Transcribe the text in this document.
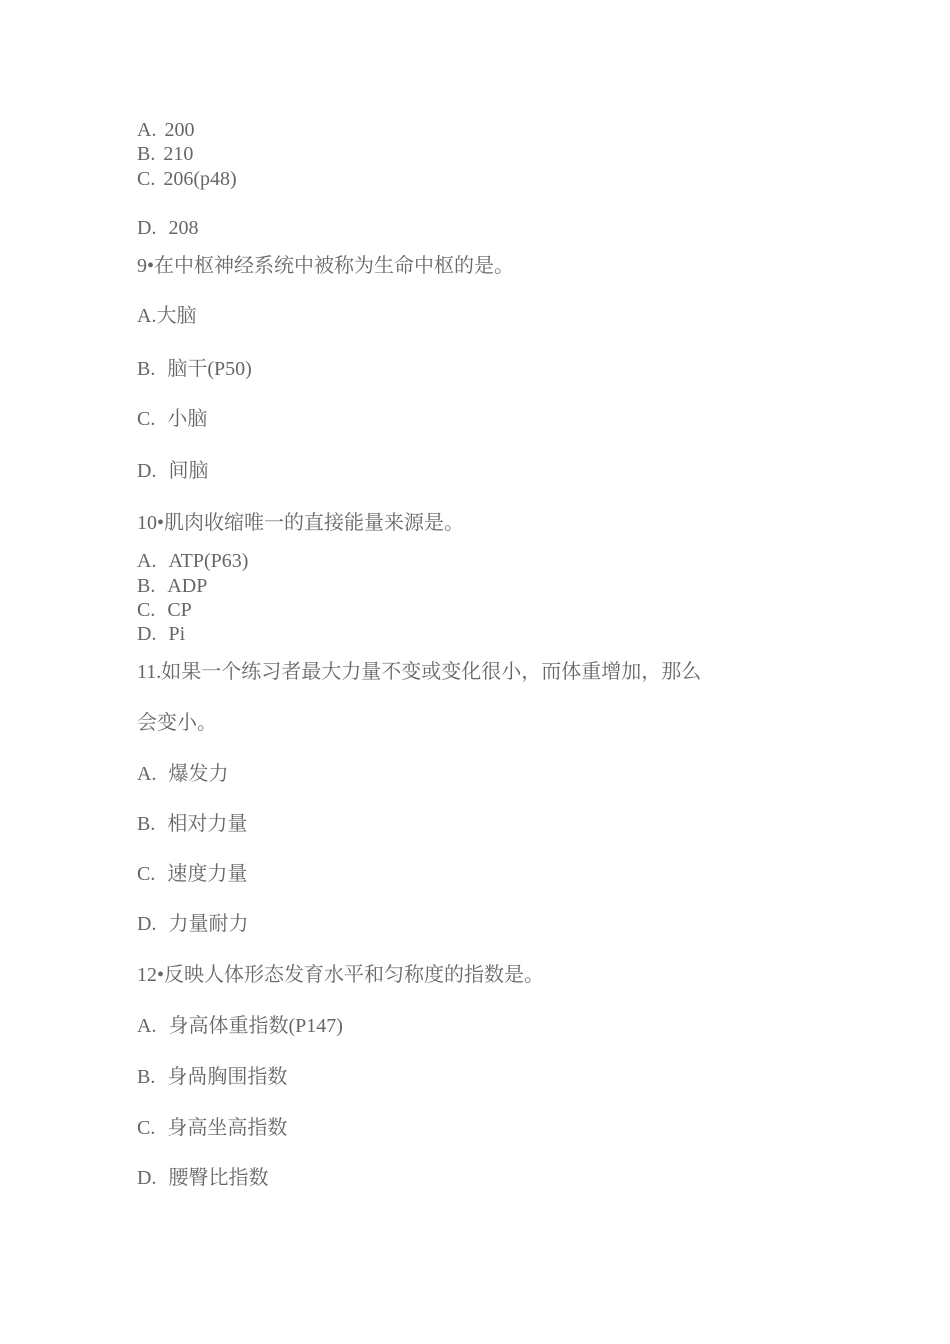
A. 200
B. 210
C. 206(p48)
D. 208
9•在中枢神经系统中被称为生命中枢的是。
A.大脑
B. 脑干(P50)
C. 小脑
D. 间脑
10•肌肉收缩唯一的直接能量来源是。
A. ATP(P63)
B. ADP
C. CP
D. Pi
11.如果一个练习者最大力量不变或变化很小，而体重增加，那么
会变小。
A. 爆发力
B. 相对力量
C. 速度力量
D. 力量耐力
12•反映人体形态发育水平和匀称度的指数是。
A. 身高体重指数(P147)
B. 身咼胸围指数
C. 身高坐高指数
D. 腰臀比指数
